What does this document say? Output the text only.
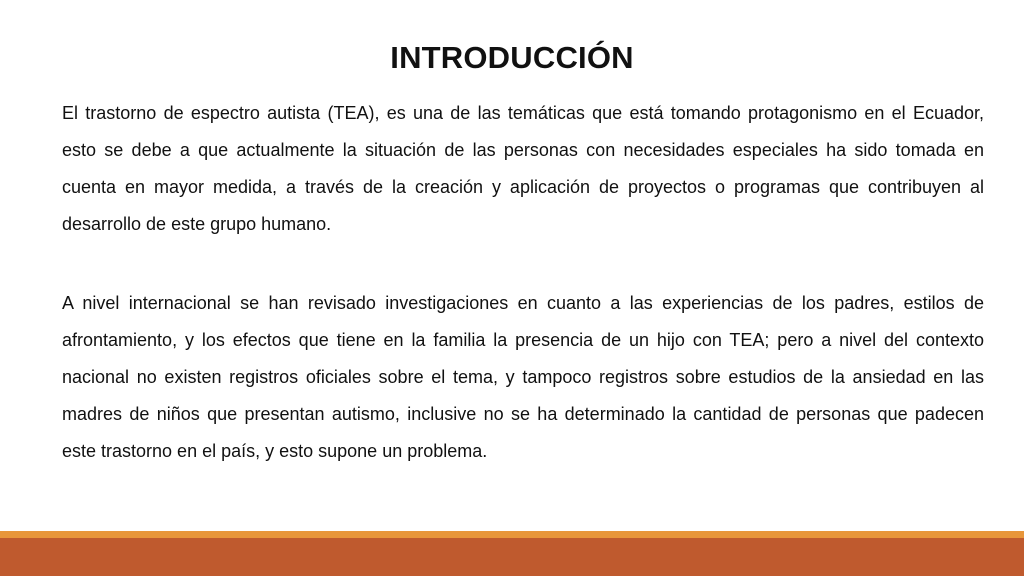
INTRODUCCIÓN

El trastorno de espectro autista (TEA), es una de las temáticas que está tomando protagonismo en el Ecuador, esto se debe a que actualmente la situación de las personas con necesidades especiales ha sido tomada en cuenta en mayor medida, a través de la creación y aplicación de proyectos o programas que contribuyen al desarrollo de este grupo humano.

A nivel internacional se han revisado investigaciones en cuanto a las experiencias de los padres, estilos de afrontamiento, y los efectos que tiene en la familia la presencia de un hijo con TEA; pero a nivel del contexto nacional no existen registros oficiales sobre el tema, y tampoco registros sobre estudios de la ansiedad en las madres de niños que presentan autismo, inclusive no se ha determinado la cantidad de personas que padecen este trastorno en el país, y esto supone un problema.
